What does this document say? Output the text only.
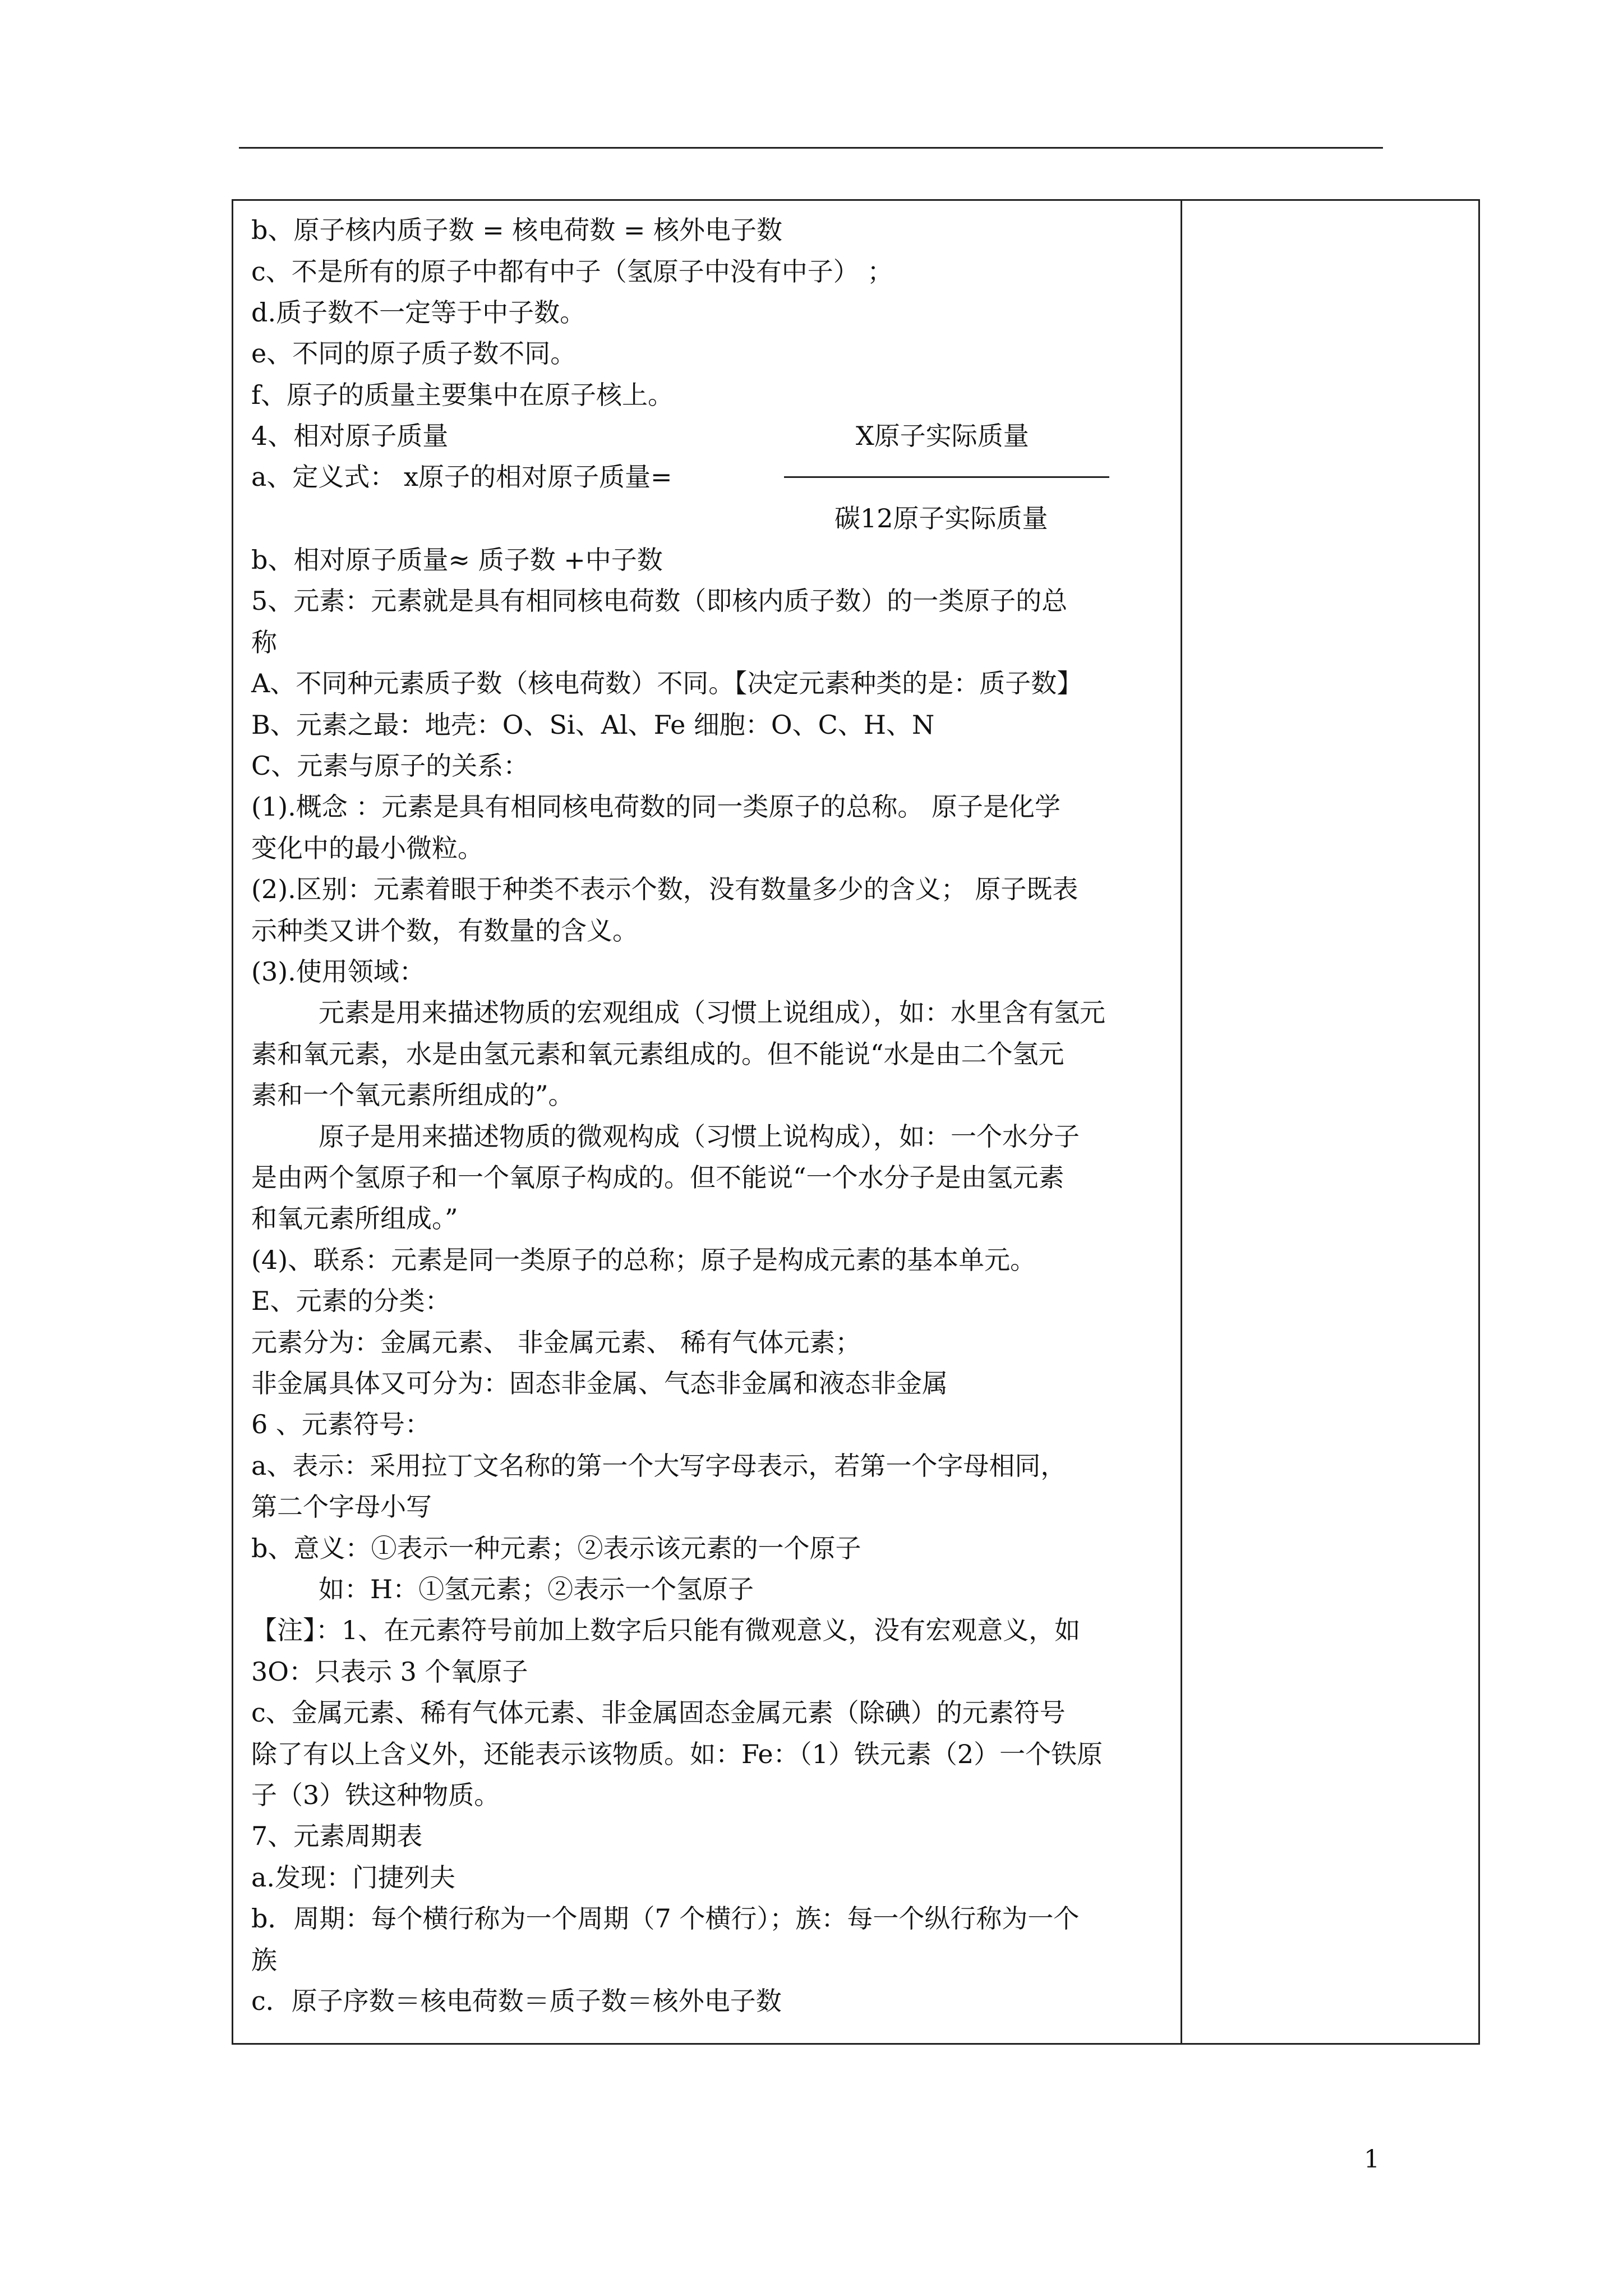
b、原子核内质子数 = 核电荷数 = 核外电子数
c、不是所有的原子中都有中子（氢原子中没有中子） ；
d.质子数不一定等于中子数。
e、不同的原子质子数不同。
f、原子的质量主要集中在原子核上。
4、相对原子质量	X原子实际质量
a、定义式： x原子的相对原子质量=
碳12原子实际质量
b、相对原子质量≈ 质子数 +中子数
5、元素：元素就是具有相同核电荷数（即核内质子数）的一类原子的总
称
A、不同种元素质子数（核电荷数）不同。【决定元素种类的是：质子数】
B、元素之最：地壳：O、Si、Al、Fe 细胞：O、C、H、N
C、元素与原子的关系：
(1).概念 ：元素是具有相同核电荷数的同一类原子的总称。 原子是化学
变化中的最小微粒。
(2).区别：元素着眼于种类不表示个数，没有数量多少的含义； 原子既表
示种类又讲个数，有数量的含义。
(3).使用领域：
元素是用来描述物质的宏观组成（习惯上说组成），如：水里含有氢元
素和氧元素，水是由氢元素和氧元素组成的。但不能说“水是由二个氢元
素和一个氧元素所组成的”。
原子是用来描述物质的微观构成（习惯上说构成），如：一个水分子
是由两个氢原子和一个氧原子构成的。但不能说“一个水分子是由氢元素
和氧元素所组成。”
(4)、联系：元素是同一类原子的总称；原子是构成元素的基本单元。
E、元素的分类：
元素分为：金属元素、 非金属元素、 稀有气体元素；
非金属具体又可分为：固态非金属、气态非金属和液态非金属
6 、元素符号：
a、表示：采用拉丁文名称的第一个大写字母表示，若第一个字母相同，
第二个字母小写
b、意义：①表示一种元素；②表示该元素的一个原子
如：H：①氢元素；②表示一个氢原子
【注】：1、在元素符号前加上数字后只能有微观意义，没有宏观意义，如
3O：只表示 3 个氧原子
c、金属元素、稀有气体元素、非金属固态金属元素（除碘）的元素符号
除了有以上含义外，还能表示该物质。如：Fe：（1）铁元素（2）一个铁原
子（3）铁这种物质。
7、元素周期表
a.发现：门捷列夫
b．周期：每个横行称为一个周期（7 个横行）；族：每一个纵行称为一个
族
c．原子序数＝核电荷数＝质子数＝核外电子数
1
